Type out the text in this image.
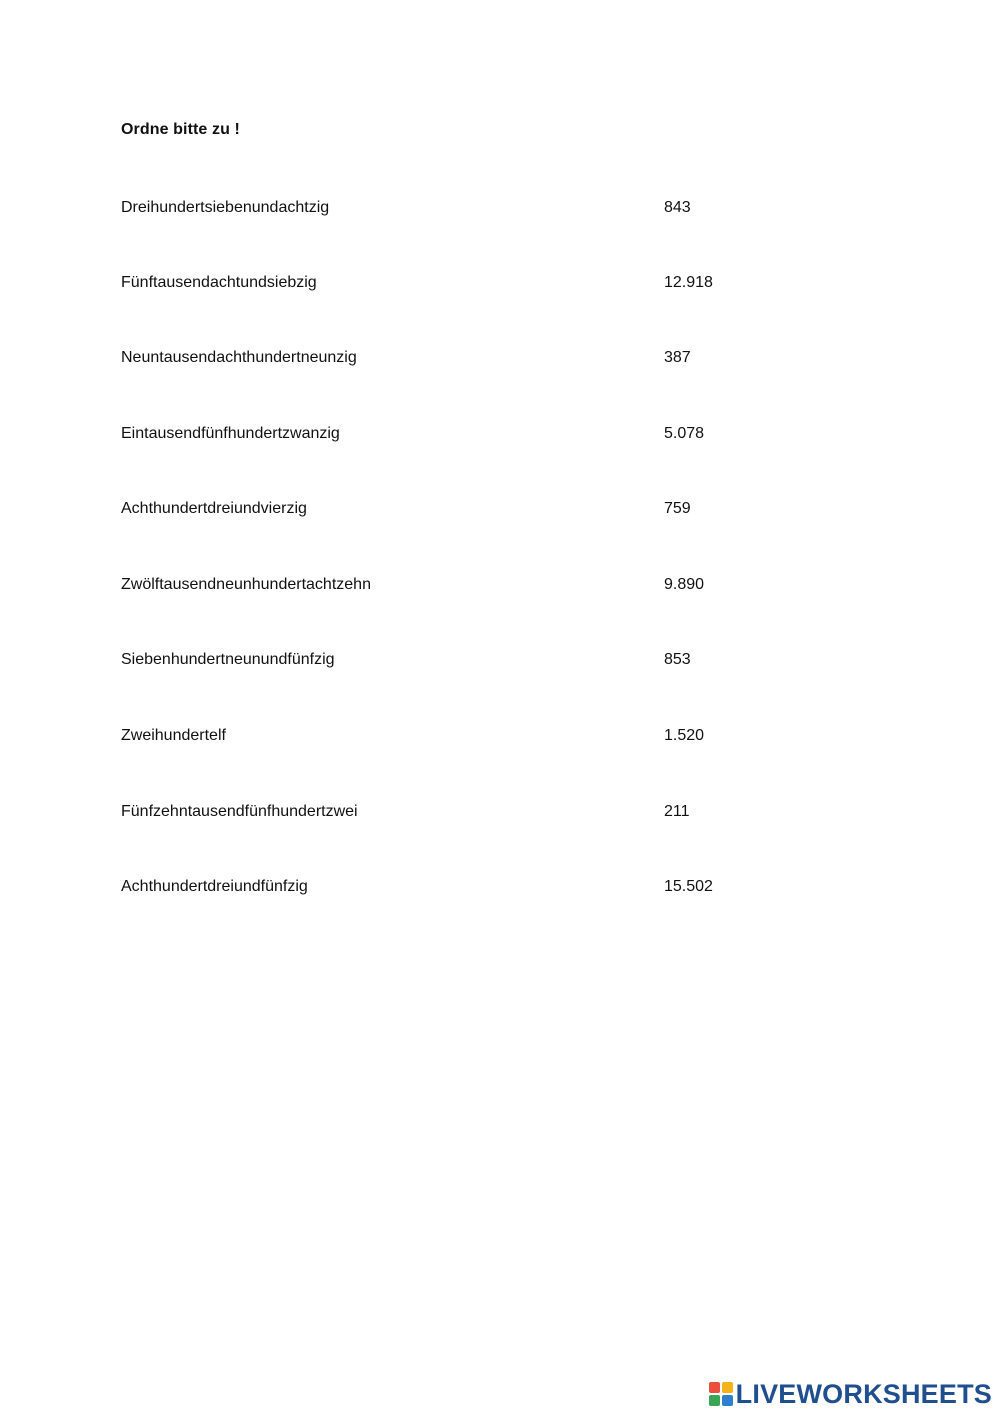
Ordne bitte zu !
Dreihundertsiebenundachtzig	843
Fünftausendachtundsiebzig	12.918
Neuntausendachthundertneunzig	387
Eintausendfünfhundertzwanzig	5.078
Achthundertdreiundvierzig	759
Zwölftausendneunhundertachtzehn	9.890
Siebenhundertneunundfünfzig	853
Zweihundertelf	1.520
Fünfzehntausendfünfhundertzwei	211
Achthundertdreiundfünfzig	15.502
LIVEWORKSHEETS
